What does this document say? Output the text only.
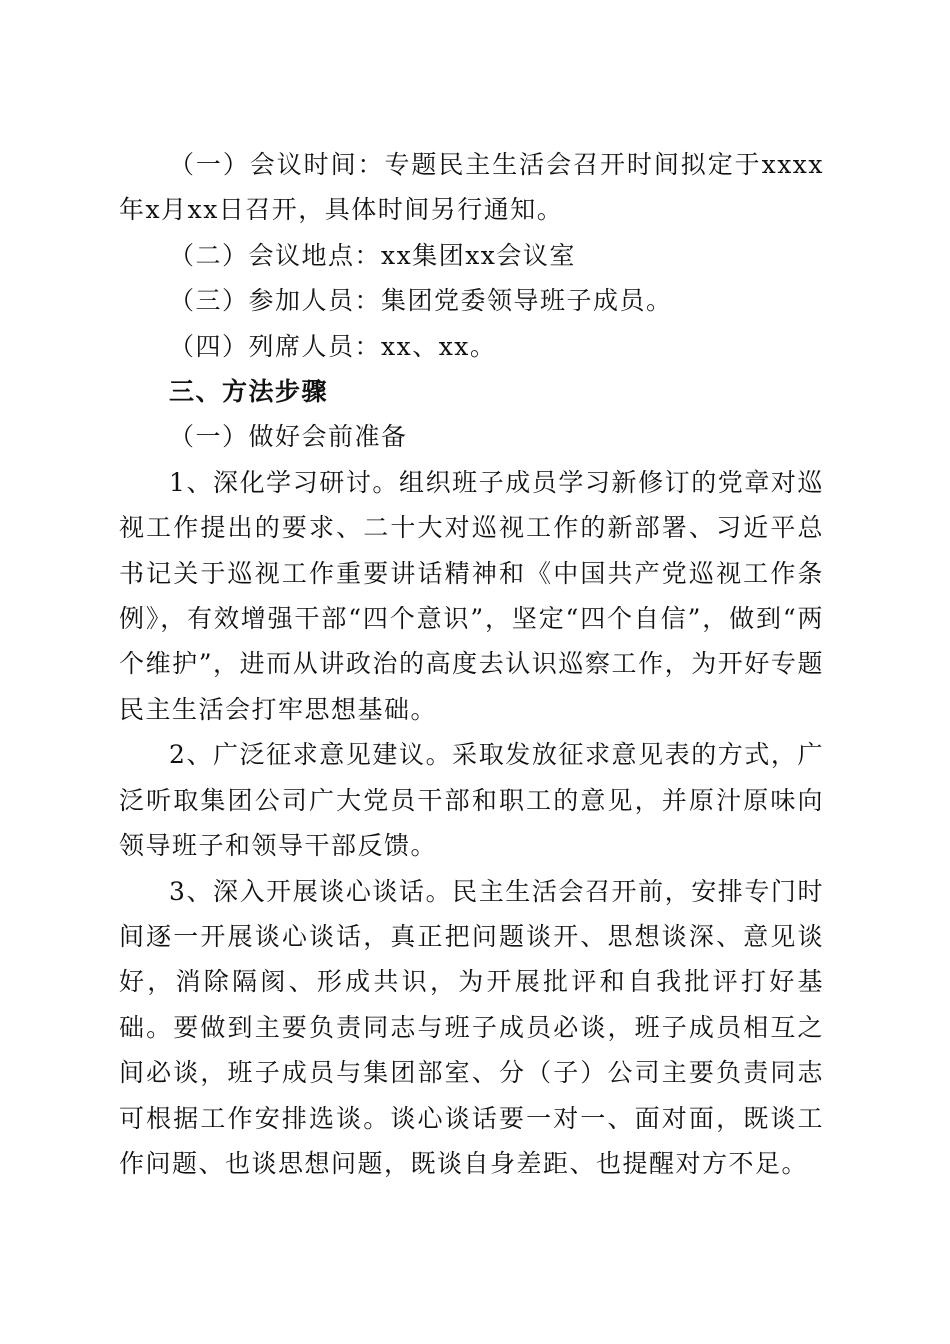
（一）会议时间：专题民主生活会召开时间拟定于xxxx年x月xx日召开，具体时间另行通知。

（二）会议地点：xx集团xx会议室

（三）参加人员：集团党委领导班子成员。

（四）列席人员：xx、xx。

三、方法步骤

（一）做好会前准备

1、深化学习研讨。组织班子成员学习新修订的党章对巡视工作提出的要求、二十大对巡视工作的新部署、习近平总书记关于巡视工作重要讲话精神和《中国共产党巡视工作条例》，有效增强干部“四个意识”，坚定“四个自信”，做到“两个维护”，进而从讲政治的高度去认识巡察工作，为开好专题民主生活会打牢思想基础。

2、广泛征求意见建议。采取发放征求意见表的方式，广泛听取集团公司广大党员干部和职工的意见，并原汁原味向领导班子和领导干部反馈。

3、深入开展谈心谈话。民主生活会召开前，安排专门时间逐一开展谈心谈话，真正把问题谈开、思想谈深、意见谈好，消除隔阂、形成共识，为开展批评和自我批评打好基础。要做到主要负责同志与班子成员必谈，班子成员相互之间必谈，班子成员与集团部室、分（子）公司主要负责同志可根据工作安排选谈。谈心谈话要一对一、面对面，既谈工作问题、也谈思想问题，既谈自身差距、也提醒对方不足。
